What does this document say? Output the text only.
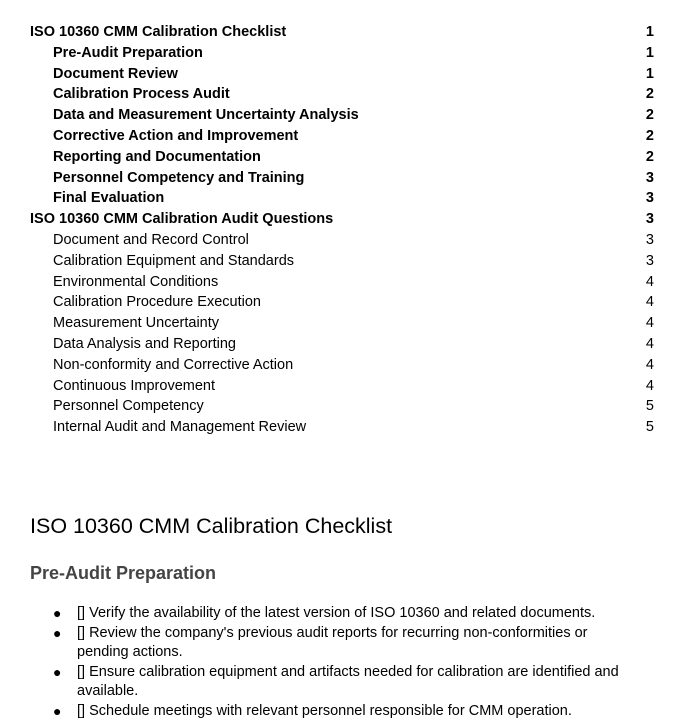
ISO 10360 CMM Calibration Checklist	1
Pre-Audit Preparation	1
Document Review	1
Calibration Process Audit	2
Data and Measurement Uncertainty Analysis	2
Corrective Action and Improvement	2
Reporting and Documentation	2
Personnel Competency and Training	3
Final Evaluation	3
ISO 10360 CMM Calibration Audit Questions	3
Document and Record Control	3
Calibration Equipment and Standards	3
Environmental Conditions	4
Calibration Procedure Execution	4
Measurement Uncertainty	4
Data Analysis and Reporting	4
Non-conformity and Corrective Action	4
Continuous Improvement	4
Personnel Competency	5
Internal Audit and Management Review	5
ISO 10360 CMM Calibration Checklist
Pre-Audit Preparation
● [] Verify the availability of the latest version of ISO 10360 and related documents.
● [] Review the company's previous audit reports for recurring non-conformities or pending actions.
● [] Ensure calibration equipment and artifacts needed for calibration are identified and available.
● [] Schedule meetings with relevant personnel responsible for CMM operation.
